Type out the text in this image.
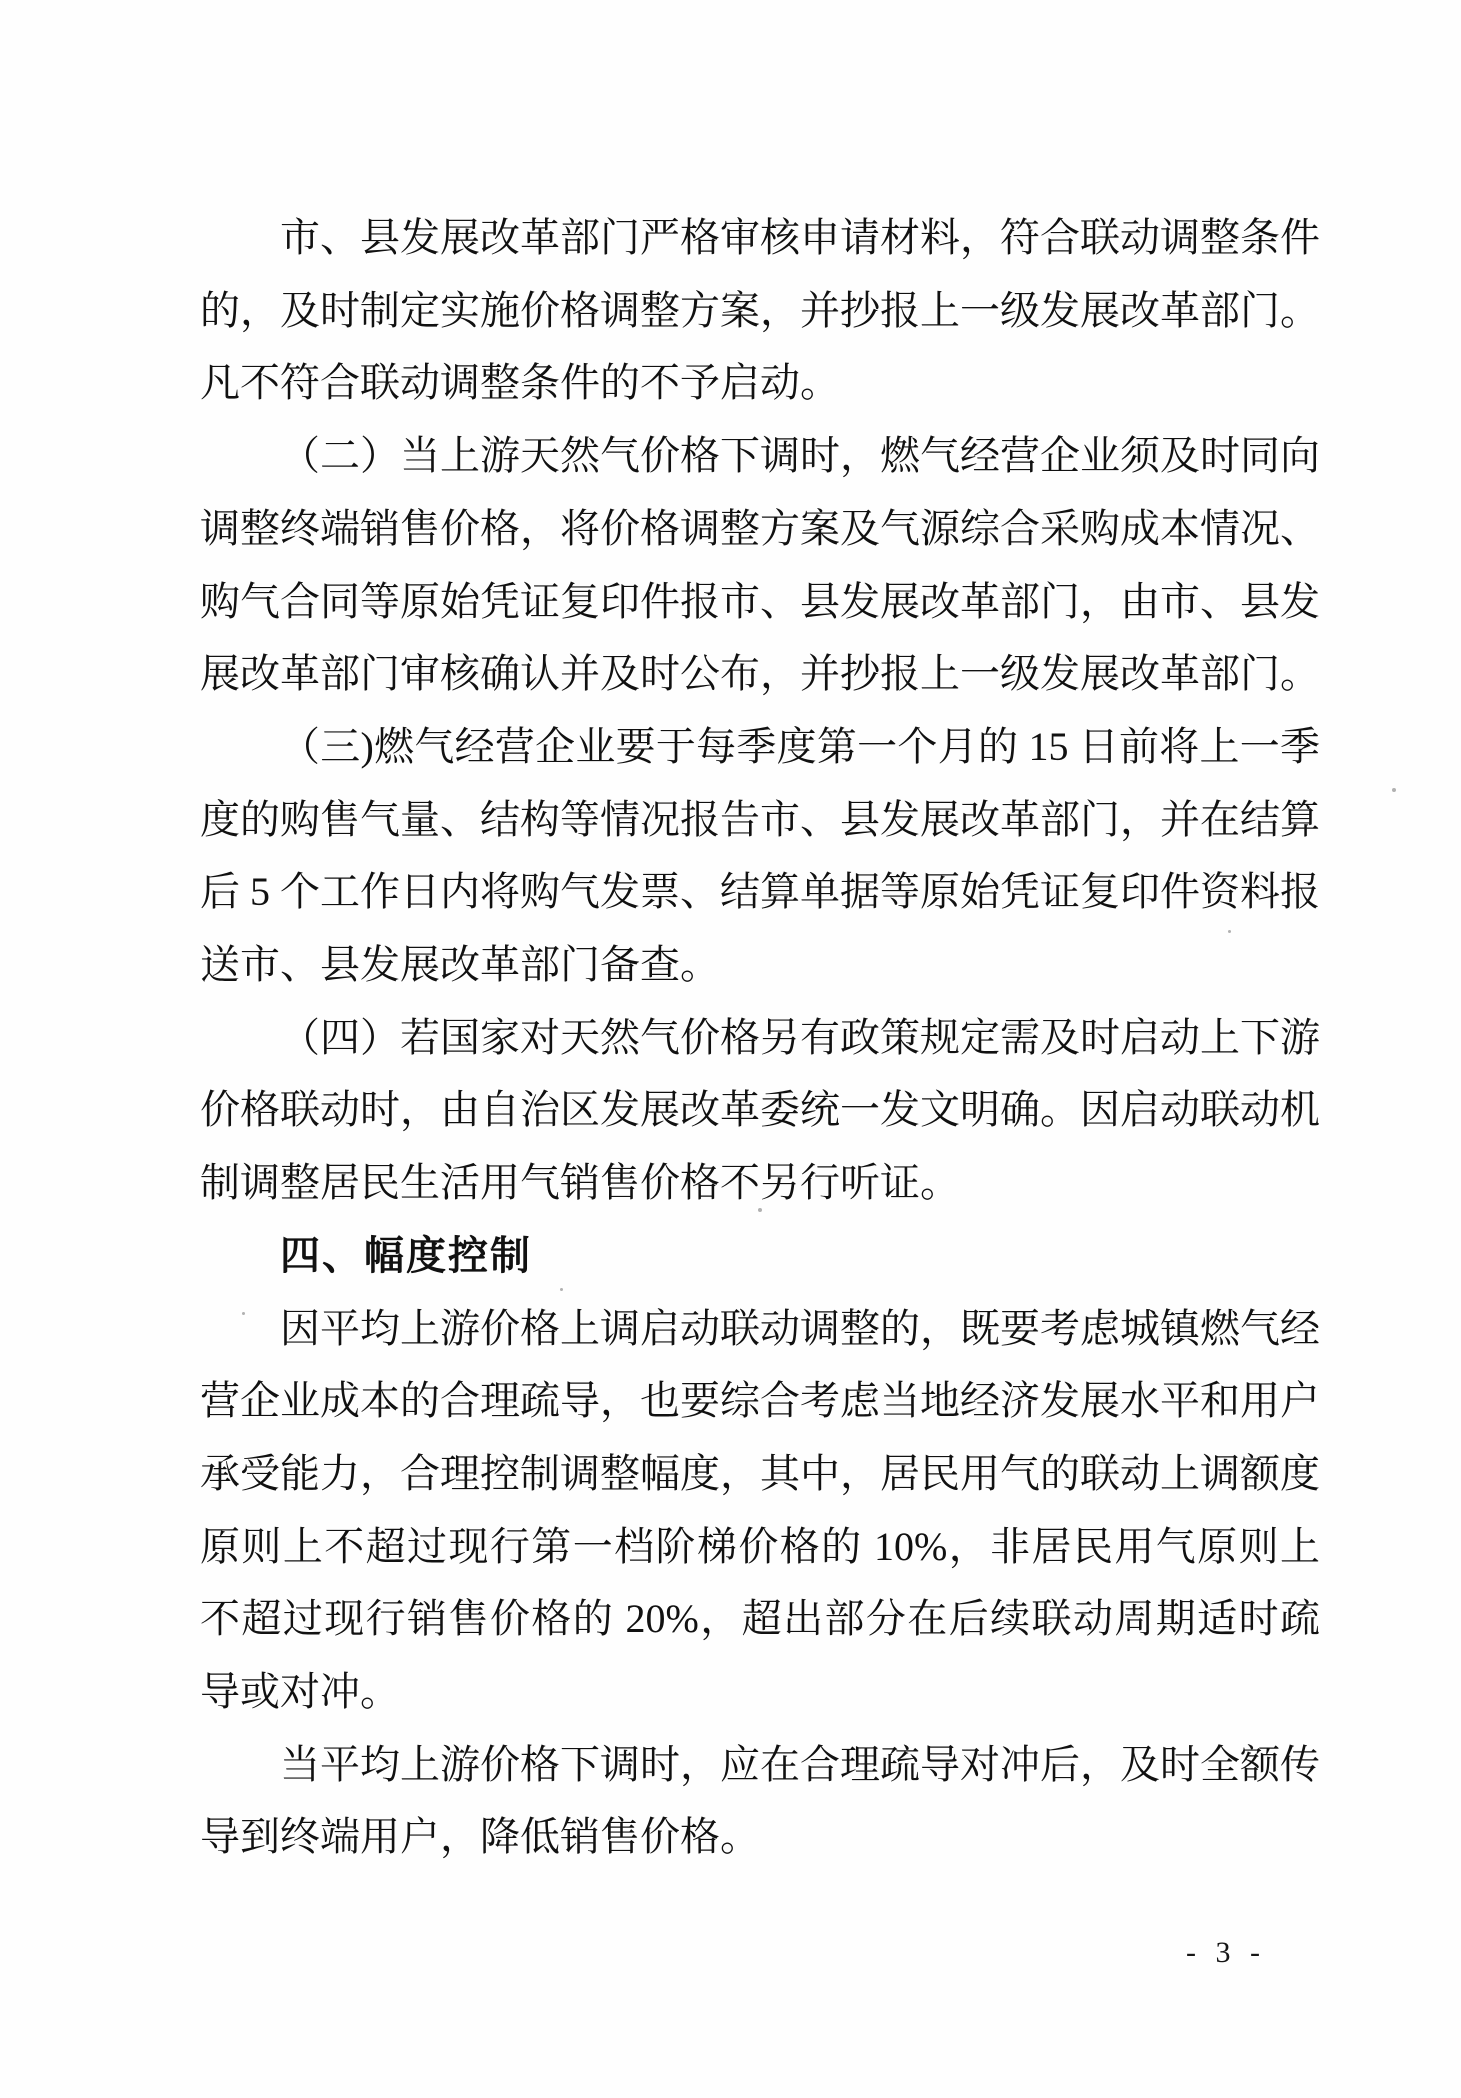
市、县发展改革部门严格审核申请材料，符合联动调整条件的，及时制定实施价格调整方案，并抄报上一级发展改革部门。凡不符合联动调整条件的不予启动。

（二）当上游天然气价格下调时，燃气经营企业须及时同向调整终端销售价格，将价格调整方案及气源综合采购成本情况、购气合同等原始凭证复印件报市、县发展改革部门，由市、县发展改革部门审核确认并及时公布，并抄报上一级发展改革部门。

（三)燃气经营企业要于每季度第一个月的 15 日前将上一季度的购售气量、结构等情况报告市、县发展改革部门，并在结算后 5 个工作日内将购气发票、结算单据等原始凭证复印件资料报送市、县发展改革部门备查。

（四）若国家对天然气价格另有政策规定需及时启动上下游价格联动时，由自治区发展改革委统一发文明确。因启动联动机制调整居民生活用气销售价格不另行听证。

四、幅度控制

因平均上游价格上调启动联动调整的，既要考虑城镇燃气经营企业成本的合理疏导，也要综合考虑当地经济发展水平和用户承受能力，合理控制调整幅度，其中，居民用气的联动上调额度原则上不超过现行第一档阶梯价格的 10%，非居民用气原则上不超过现行销售价格的 20%，超出部分在后续联动周期适时疏导或对冲。

当平均上游价格下调时，应在合理疏导对冲后，及时全额传导到终端用户，降低销售价格。

- 3 -
